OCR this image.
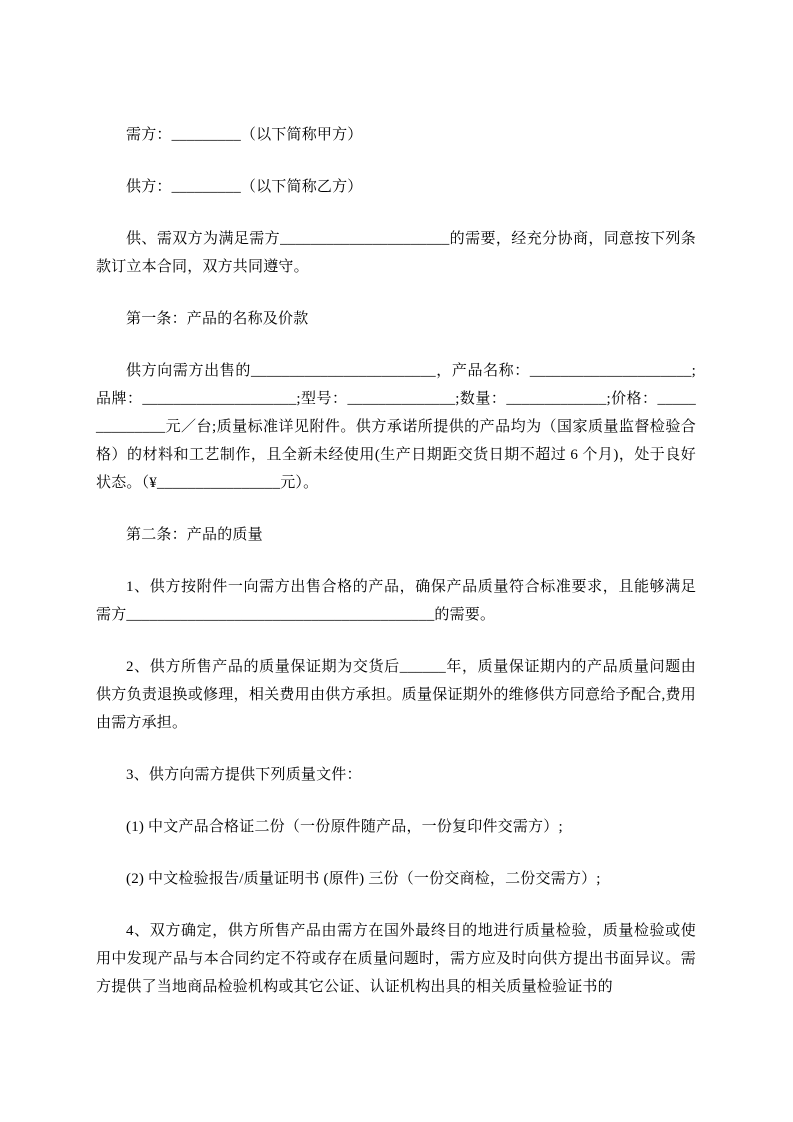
需方：_________（以下简称甲方）

供方：_________（以下简称乙方）

供、需双方为满足需方______________________的需要，经充分协商，同意按下列条款订立本合同，双方共同遵守。

第一条：产品的名称及价款

供方向需方出售的________________________，产品名称：_____________________;品牌：____________________;型号：______________;数量：_____________;价格：______________元／台;质量标准详见附件。供方承诺所提供的产品均为（国家质量监督检验合格）的材料和工艺制作，且全新未经使用(生产日期距交货日期不超过 6 个月)，处于良好状态。（¥________________元）。

第二条：产品的质量

1、供方按附件一向需方出售合格的产品，确保产品质量符合标准要求，且能够满足需方________________________________________的需要。

2、供方所售产品的质量保证期为交货后______年，质量保证期内的产品质量问题由供方负责退换或修理，相关费用由供方承担。质量保证期外的维修供方同意给予配合,费用由需方承担。

3、供方向需方提供下列质量文件：

(1) 中文产品合格证二份（一份原件随产品，一份复印件交需方）;

(2) 中文检验报告/质量证明书 (原件) 三份（一份交商检，二份交需方）;

4、双方确定，供方所售产品由需方在国外最终目的地进行质量检验，质量检验或使用中发现产品与本合同约定不符或存在质量问题时，需方应及时向供方提出书面异议。需方提供了当地商品检验机构或其它公证、认证机构出具的相关质量检验证书的
